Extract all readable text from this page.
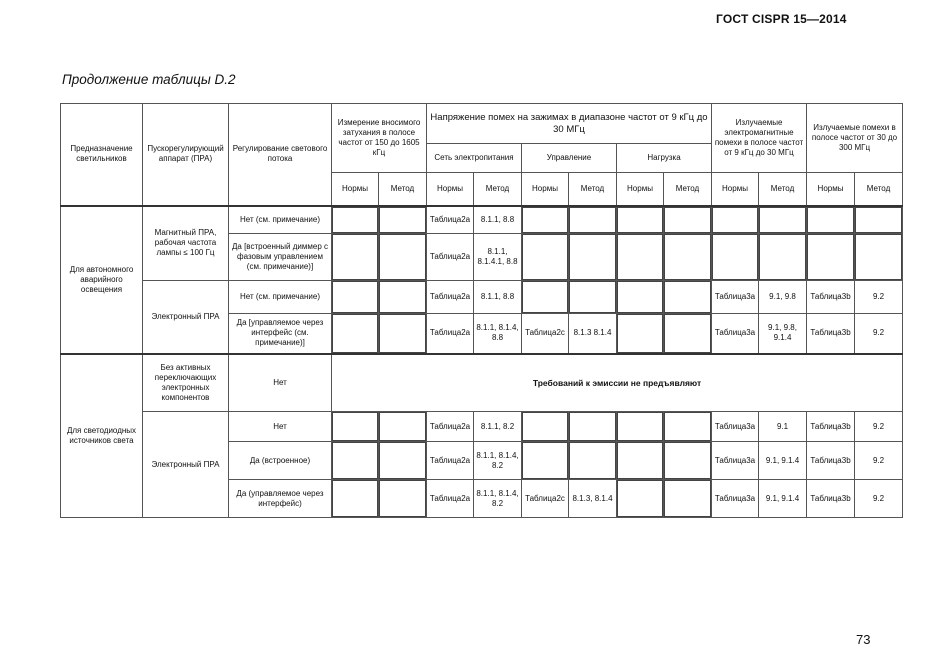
ГОСТ CISPR 15—2014
Продолжение таблицы D.2
Предназначение светильников	Пускорегулирующий аппарат (ПРА)	Регулирование светового потока	Измерение вносимого затухания в полосе частот от 150 до 1605 кГц		Напряжение помех на зажимах в диапазоне частот от 9 кГц до 30 МГц						Излучаемые электромагнитные помехи в полосе частот от 9 кГц до 30 МГц		Излучаемые помехи в полосе частот от 30 до 300 МГц	
					Сеть электропитания		Управление		Нагрузка					
			Нормы	Метод	Нормы	Метод	Нормы	Метод	Нормы	Метод	Нормы	Метод	Нормы	Метод
Для автономного аварийного освещения	Магнитный ПРА, рабочая частота лампы ≤ 100 Гц	Нет (см. примечание)			Таблица2а	8.1.1, 8.8								
		Да [встроенный диммер с фазовым управлением (см. примечание)]			Таблица2а	8.1.1, 8.1.4.1, 8.8								
	Электронный ПРА	Нет (см. примечание)			Таблица2а	8.1.1, 8.8					Таблица3а	9.1, 9.8	Таблица3b	9.2
		Да [управляемое через интерфейс (см. примечание)]			Таблица2а	8.1.1, 8.1.4, 8.8	Таблица2с	8.1.3 8.1.4			Таблица3а	9.1, 9.8, 9.1.4	Таблица3b	9.2
Для светодиодных источников света	Без активных переключающих электронных компонентов	Нет	Требований к эмиссии не предъявляют											
	Электронный ПРА	Нет			Таблица2а	8.1.1, 8.2					Таблица3а	9.1	Таблица3b	9.2
		Да (встроенное)			Таблица2а	8.1.1, 8.1.4, 8.2					Таблица3а	9.1, 9.1.4	Таблица3b	9.2
		Да (управляемое через интерфейс)			Таблица2а	8.1.1, 8.1.4, 8.2	Таблица2с	8.1.3, 8.1.4			Таблица3а	9.1, 9.1.4	Таблица3b	9.2
73
